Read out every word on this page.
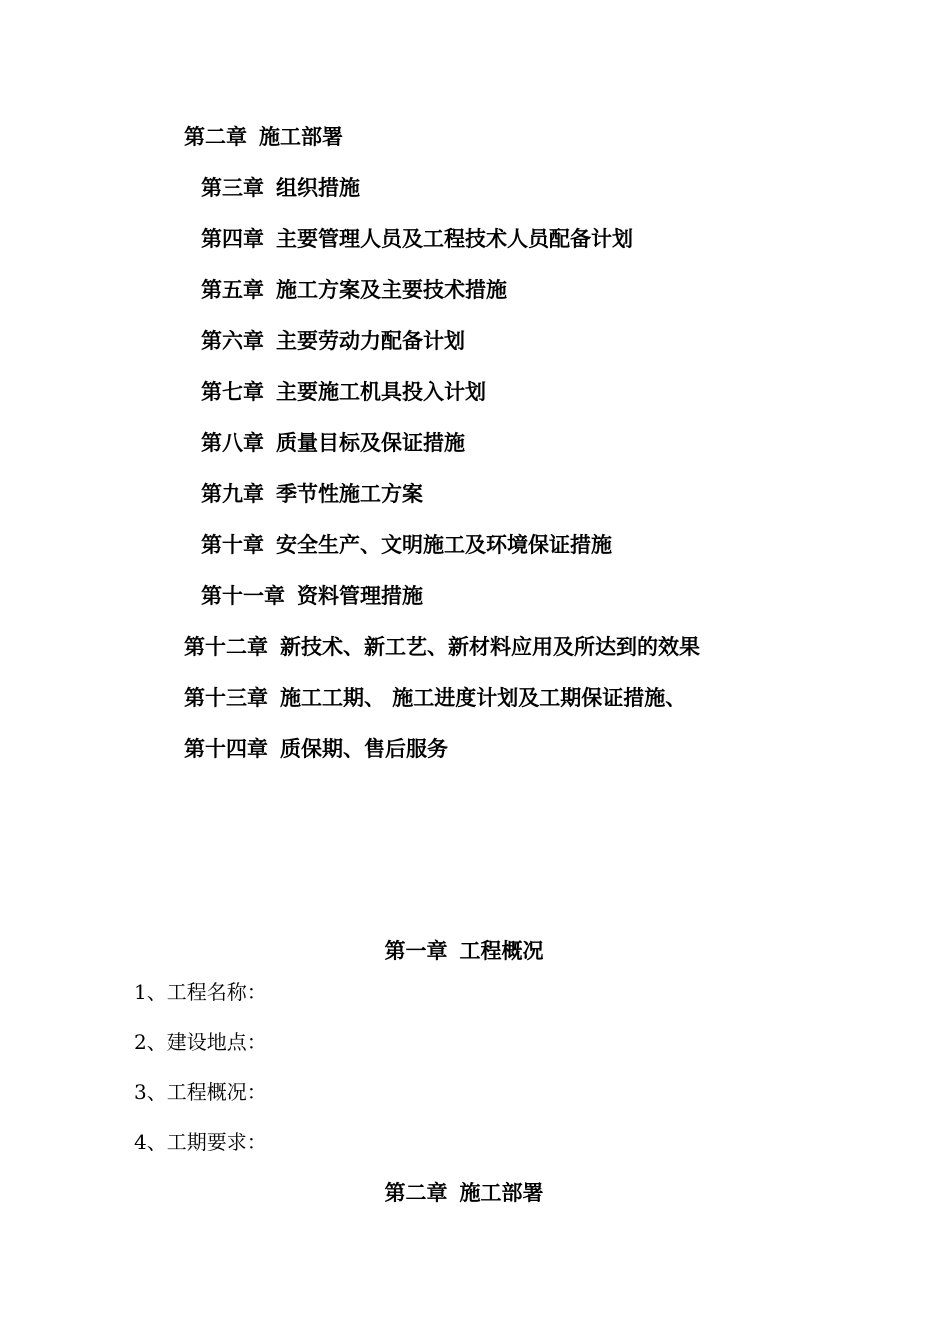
第二章 施工部署
第三章 组织措施
第四章 主要管理人员及工程技术人员配备计划
第五章 施工方案及主要技术措施
第六章 主要劳动力配备计划
第七章 主要施工机具投入计划
第八章 质量目标及保证措施
第九章 季节性施工方案
第十章 安全生产、文明施工及环境保证措施
第十一章 资料管理措施
第十二章 新技术、新工艺、新材料应用及所达到的效果
第十三章 施工工期、 施工进度计划及工期保证措施、
第十四章 质保期、售后服务
第一章 工程概况
1、工程名称：
2、建设地点：
3、工程概况：
4、工期要求：
第二章 施工部署
